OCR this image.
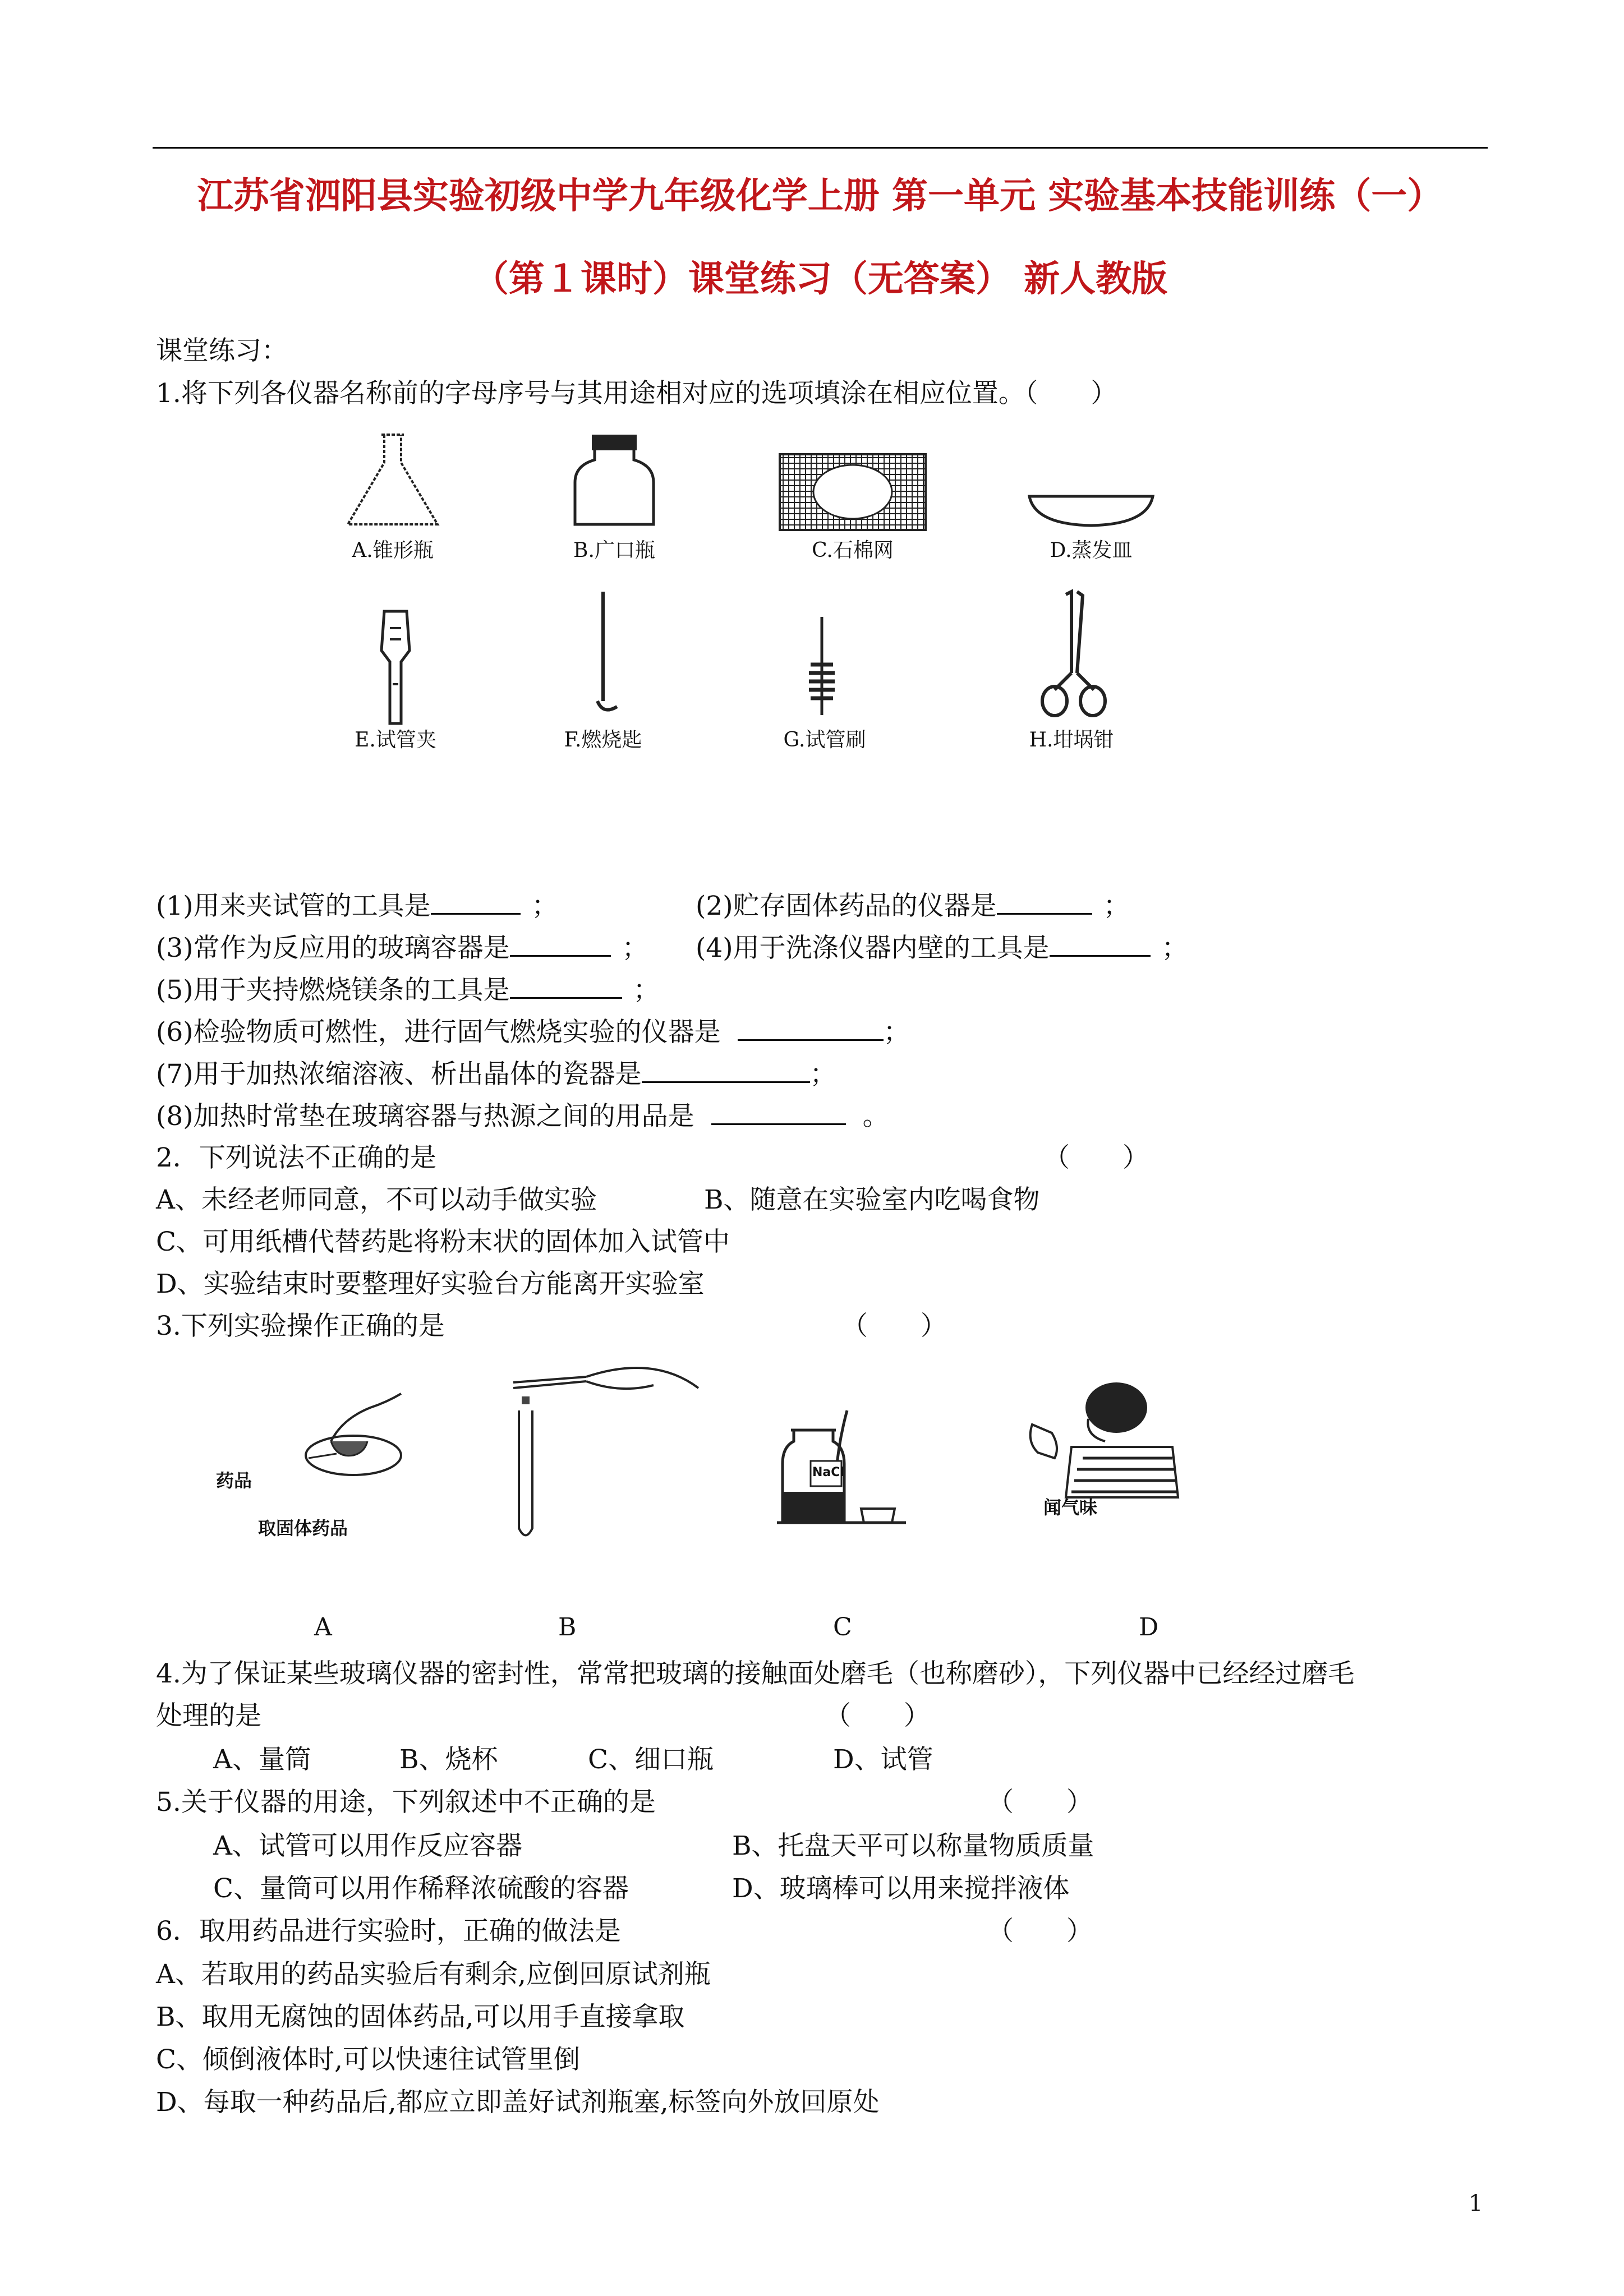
江苏省泗阳县实验初级中学九年级化学上册 第一单元 实验基本技能训练（一）
（第１课时）课堂练习（无答案） 新人教版
课堂练习：
1.将下列各仪器名称前的字母序号与其用途相对应的选项填涂在相应位置。（　　）
A.锥形瓶	B.广口瓶	C.石棉网	D.蒸发皿
E.试管夹	F.燃烧匙	G.试管刷	H.坩埚钳
(1)用来夹试管的工具是	；	(2)贮存固体药品的仪器是	；
(3)常作为反应用的玻璃容器是	； (4)用于洗涤仪器内壁的工具是	；
(5)用于夹持燃烧镁条的工具是	；
(6)检验物质可燃性，进行固气燃烧实验的仪器是	；
(7)用于加热浓缩溶液、析出晶体的瓷器是	；
(8)加热时常垫在玻璃容器与热源之间的用品是	。
2．下列说法不正确的是	（　　）
A、未经老师同意，不可以动手做实验	B、随意在实验室内吃喝食物
C、可用纸槽代替药匙将粉末状的固体加入试管中
D、实验结束时要整理好实验台方能离开实验室
3.下列实验操作正确的是	（　　）
药品
取固体药品
NaCl
闻气味
A	B	C	D
4.为了保证某些玻璃仪器的密封性，常常把玻璃的接触面处磨毛（也称磨砂），下列仪器中已经经过磨毛
处理的是	（　　）
A、量筒	B、烧杯	C、细口瓶	D、试管
5.关于仪器的用途，下列叙述中不正确的是	（　　）
A、试管可以用作反应容器	B、托盘天平可以称量物质质量
C、量筒可以用作稀释浓硫酸的容器	D、玻璃棒可以用来搅拌液体
6．取用药品进行实验时，正确的做法是	（　　）
A、若取用的药品实验后有剩余,应倒回原试剂瓶
B、取用无腐蚀的固体药品,可以用手直接拿取
C、倾倒液体时,可以快速往试管里倒
D、每取一种药品后,都应立即盖好试剂瓶塞,标签向外放回原处
1
